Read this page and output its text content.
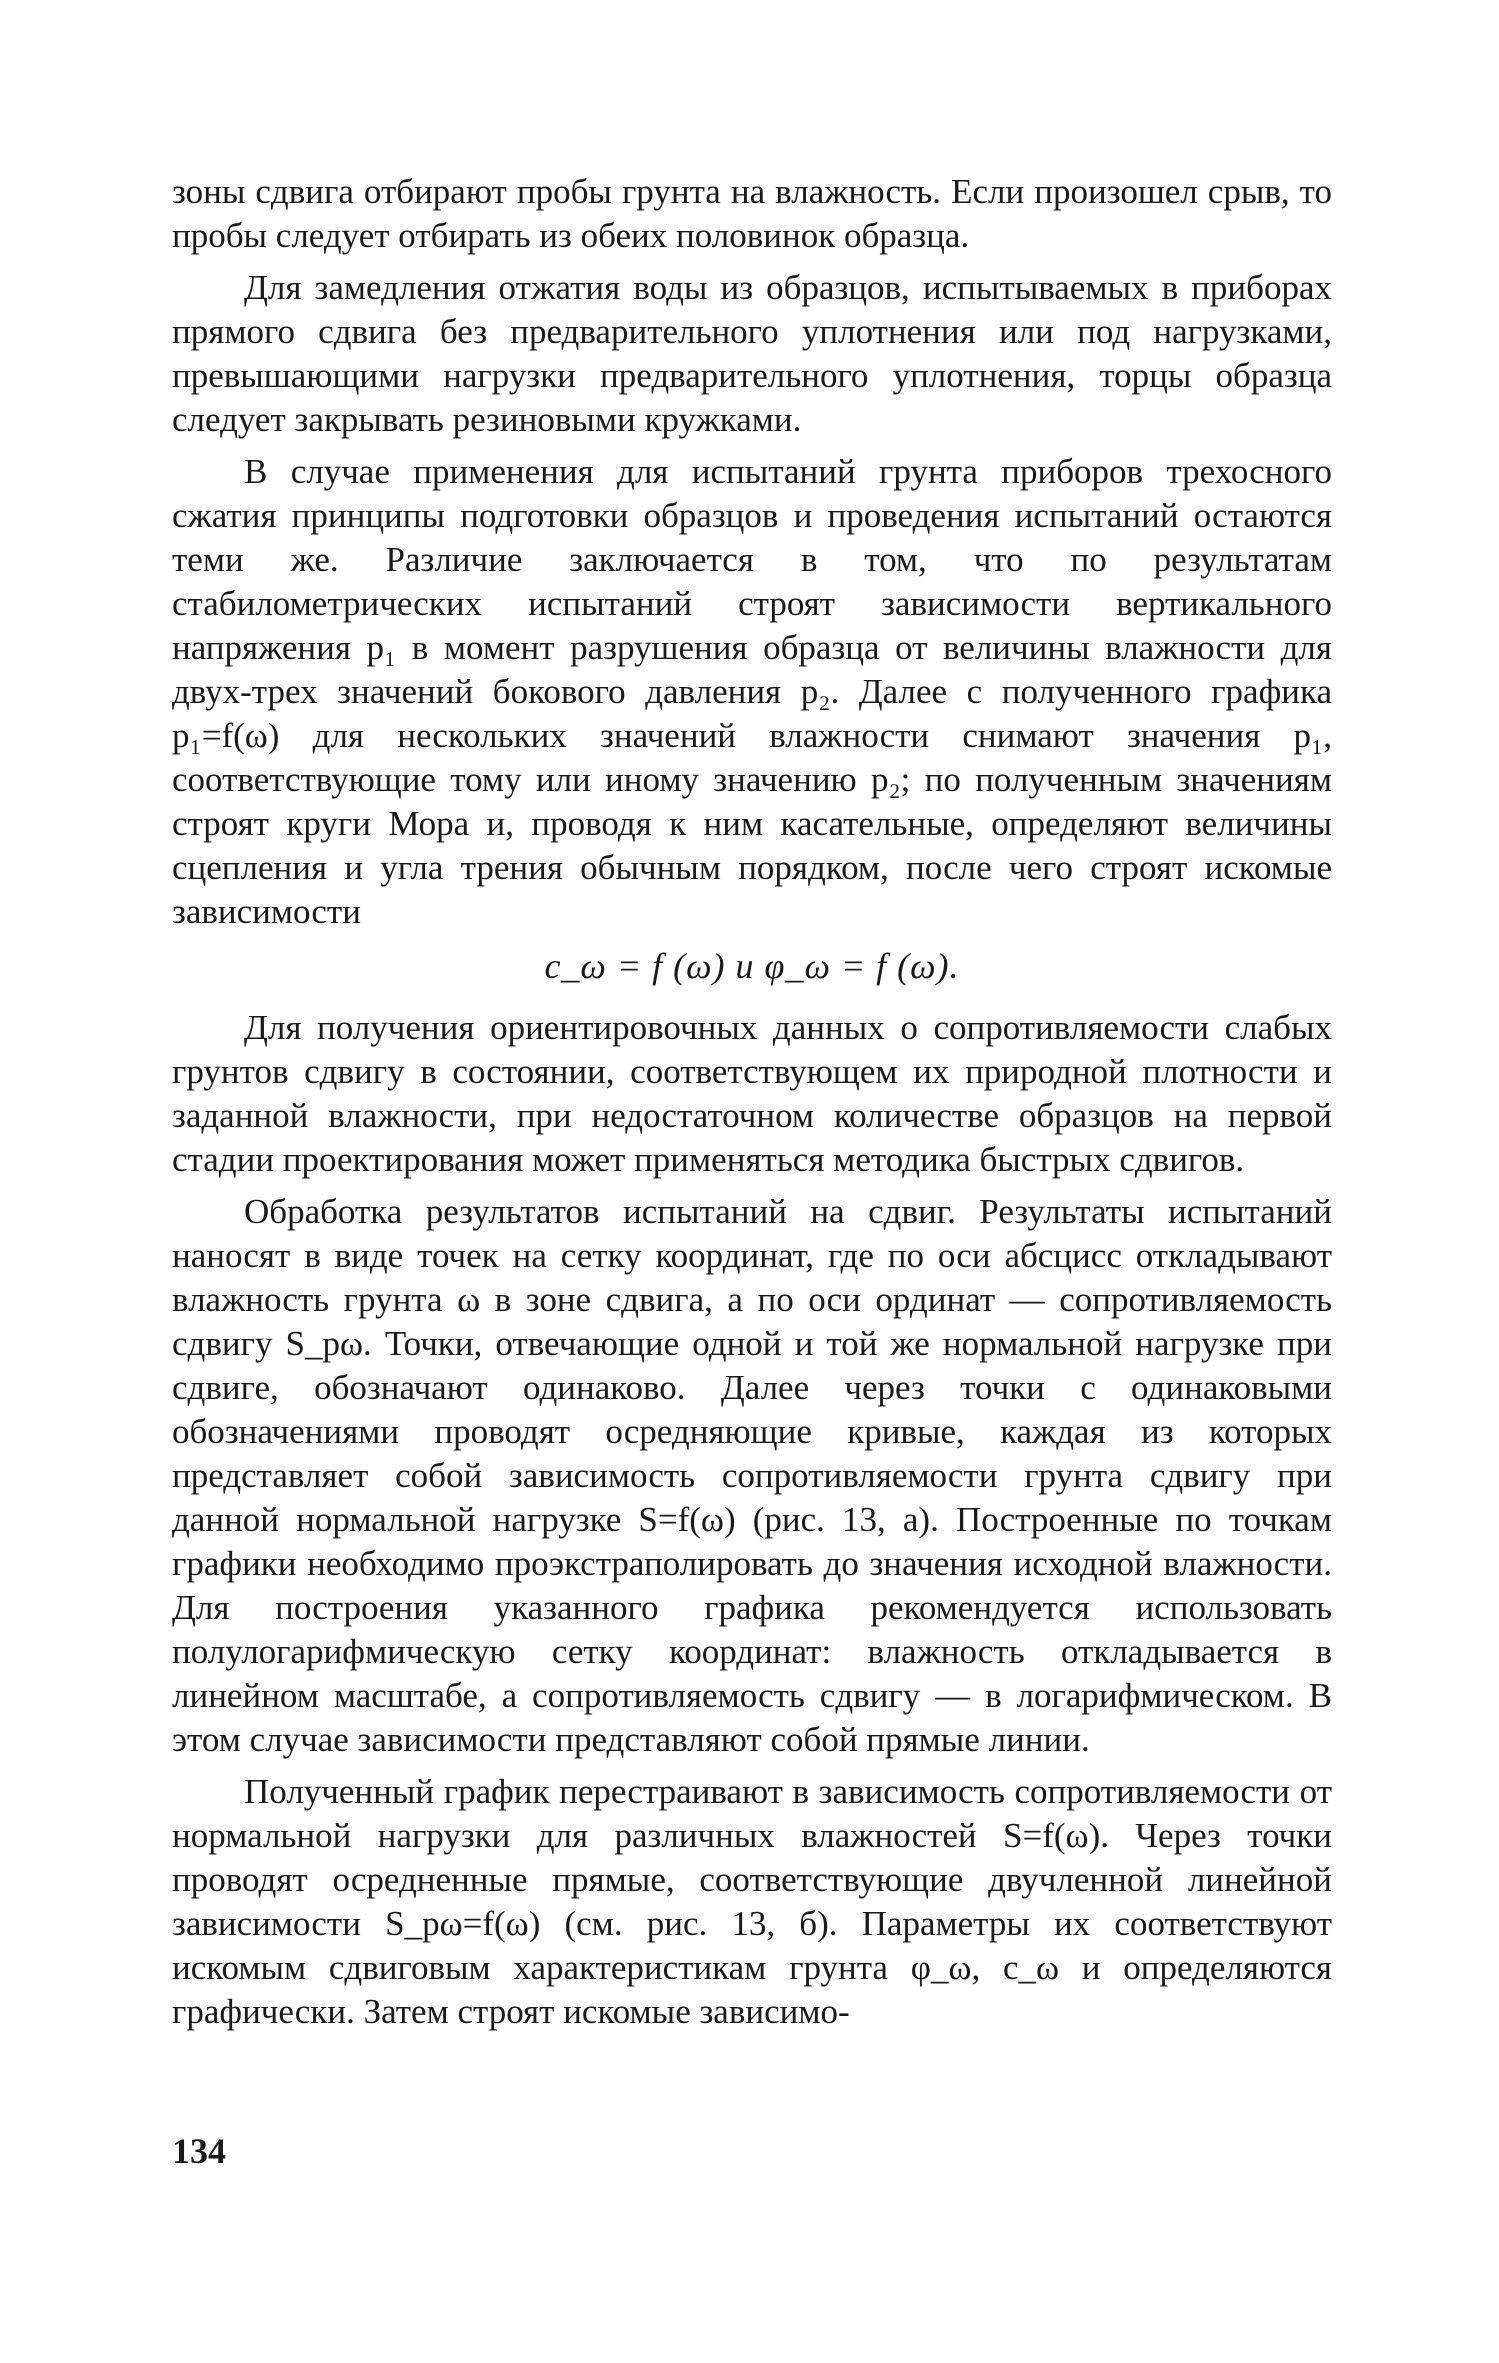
зоны сдвига отбирают пробы грунта на влажность. Если произошел срыв, то пробы следует отбирать из обеих половинок образца.

Для замедления отжатия воды из образцов, испытываемых в приборах прямого сдвига без предварительного уплотнения или под нагрузками, превышающими нагрузки предварительного уплотнения, торцы образца следует закрывать резиновыми кружками.

В случае применения для испытаний грунта приборов трехосного сжатия принципы подготовки образцов и проведения испытаний остаются теми же. Различие заключается в том, что по результатам стабилометрических испытаний строят зависимости вертикального напряжения p₁ в момент разрушения образца от величины влажности для двух-трех значений бокового давления p₂. Далее с полученного графика p₁=f(ω) для нескольких значений влажности снимают значения p₁, соответствующие тому или иному значению p₂; по полученным значениям строят круги Мора и, проводя к ним касательные, определяют величины сцепления и угла трения обычным порядком, после чего строят искомые зависимости

c_ω = f (ω) и φ_ω = f (ω).

Для получения ориентировочных данных о сопротивляемости слабых грунтов сдвигу в состоянии, соответствующем их природной плотности и заданной влажности, при недостаточном количестве образцов на первой стадии проектирования может применяться методика быстрых сдвигов.

Обработка результатов испытаний на сдвиг. Результаты испытаний наносят в виде точек на сетку координат, где по оси абсцисс откладывают влажность грунта ω в зоне сдвига, а по оси ординат — сопротивляемость сдвигу S_pω. Точки, отвечающие одной и той же нормальной нагрузке при сдвиге, обозначают одинаково. Далее через точки с одинаковыми обозначениями проводят осредняющие кривые, каждая из которых представляет собой зависимость сопротивляемости грунта сдвигу при данной нормальной нагрузке S=f(ω) (рис. 13, а). Построенные по точкам графики необходимо проэкстраполировать до значения исходной влажности. Для построения указанного графика рекомендуется использовать полулогарифмическую сетку координат: влажность откладывается в линейном масштабе, а сопротивляемость сдвигу — в логарифмическом. В этом случае зависимости представляют собой прямые линии.

Полученный график перестраивают в зависимость сопротивляемости от нормальной нагрузки для различных влажностей S=f(ω). Через точки проводят осредненные прямые, соответствующие двучленной линейной зависимости S_pω=f(ω) (см. рис. 13, б). Параметры их соответствуют искомым сдвиговым характеристикам грунта φ_ω, c_ω и определяются графически. Затем строят искомые зависимо-

134
